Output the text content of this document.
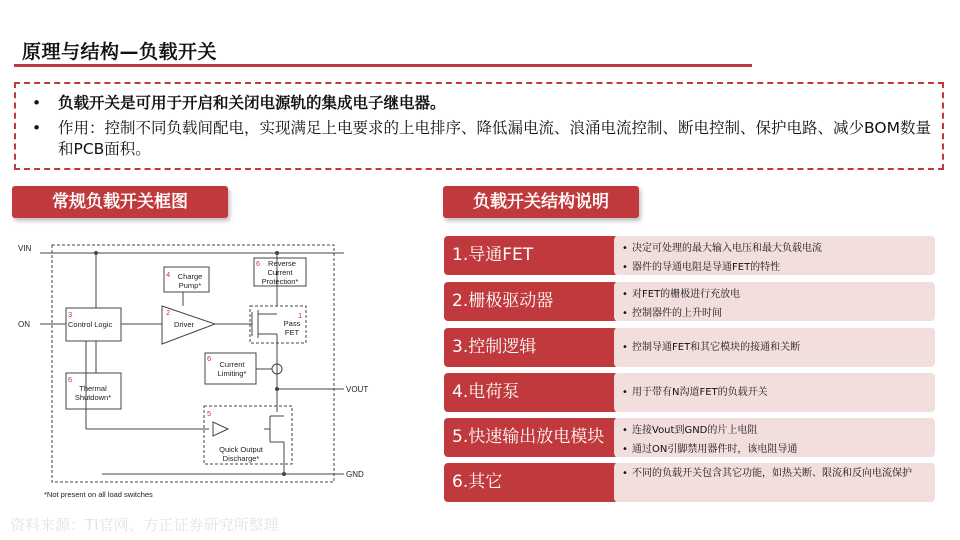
原理与结构—负载开关
• 负载开关是可用于开启和关闭电源轨的集成电子继电器。
• 作用：控制不同负载间配电，实现满足上电要求的上电排序、降低漏电流、浪涌电流控制、断电控制、保护电路、减少BOM数量和PCB面积。
常规负载开关框图	负载开关结构说明
VIN
ON
VOUT
GND
3
Control Logic
6
Thermal
Shutdown*
4 Charge
Pump*
2
Driver
6 Reverse
Current
Protection*
1
Pass
FET
6
Current
Limiting*
5
Quick Output
Discharge*
*Not present on all load switches
1.导通FET	• 决定可处理的最大输入电压和最大负载电流
• 器件的导通电阻是导通FET的特性
2.栅极驱动器	• 对FET的栅极进行充放电
• 控制器件的上升时间
3.控制逻辑	• 控制导通FET和其它模块的接通和关断
4.电荷泵	• 用于带有N沟道FET的负载开关
5.快速输出放电模块	• 连接Vout到GND的片上电阻
• 通过ON引脚禁用器件时，该电阻导通
6.其它	• 不同的负载开关包含其它功能，如热关断、限流和反向电流保护
资料来源：TI官网、方正证券研究所整理
